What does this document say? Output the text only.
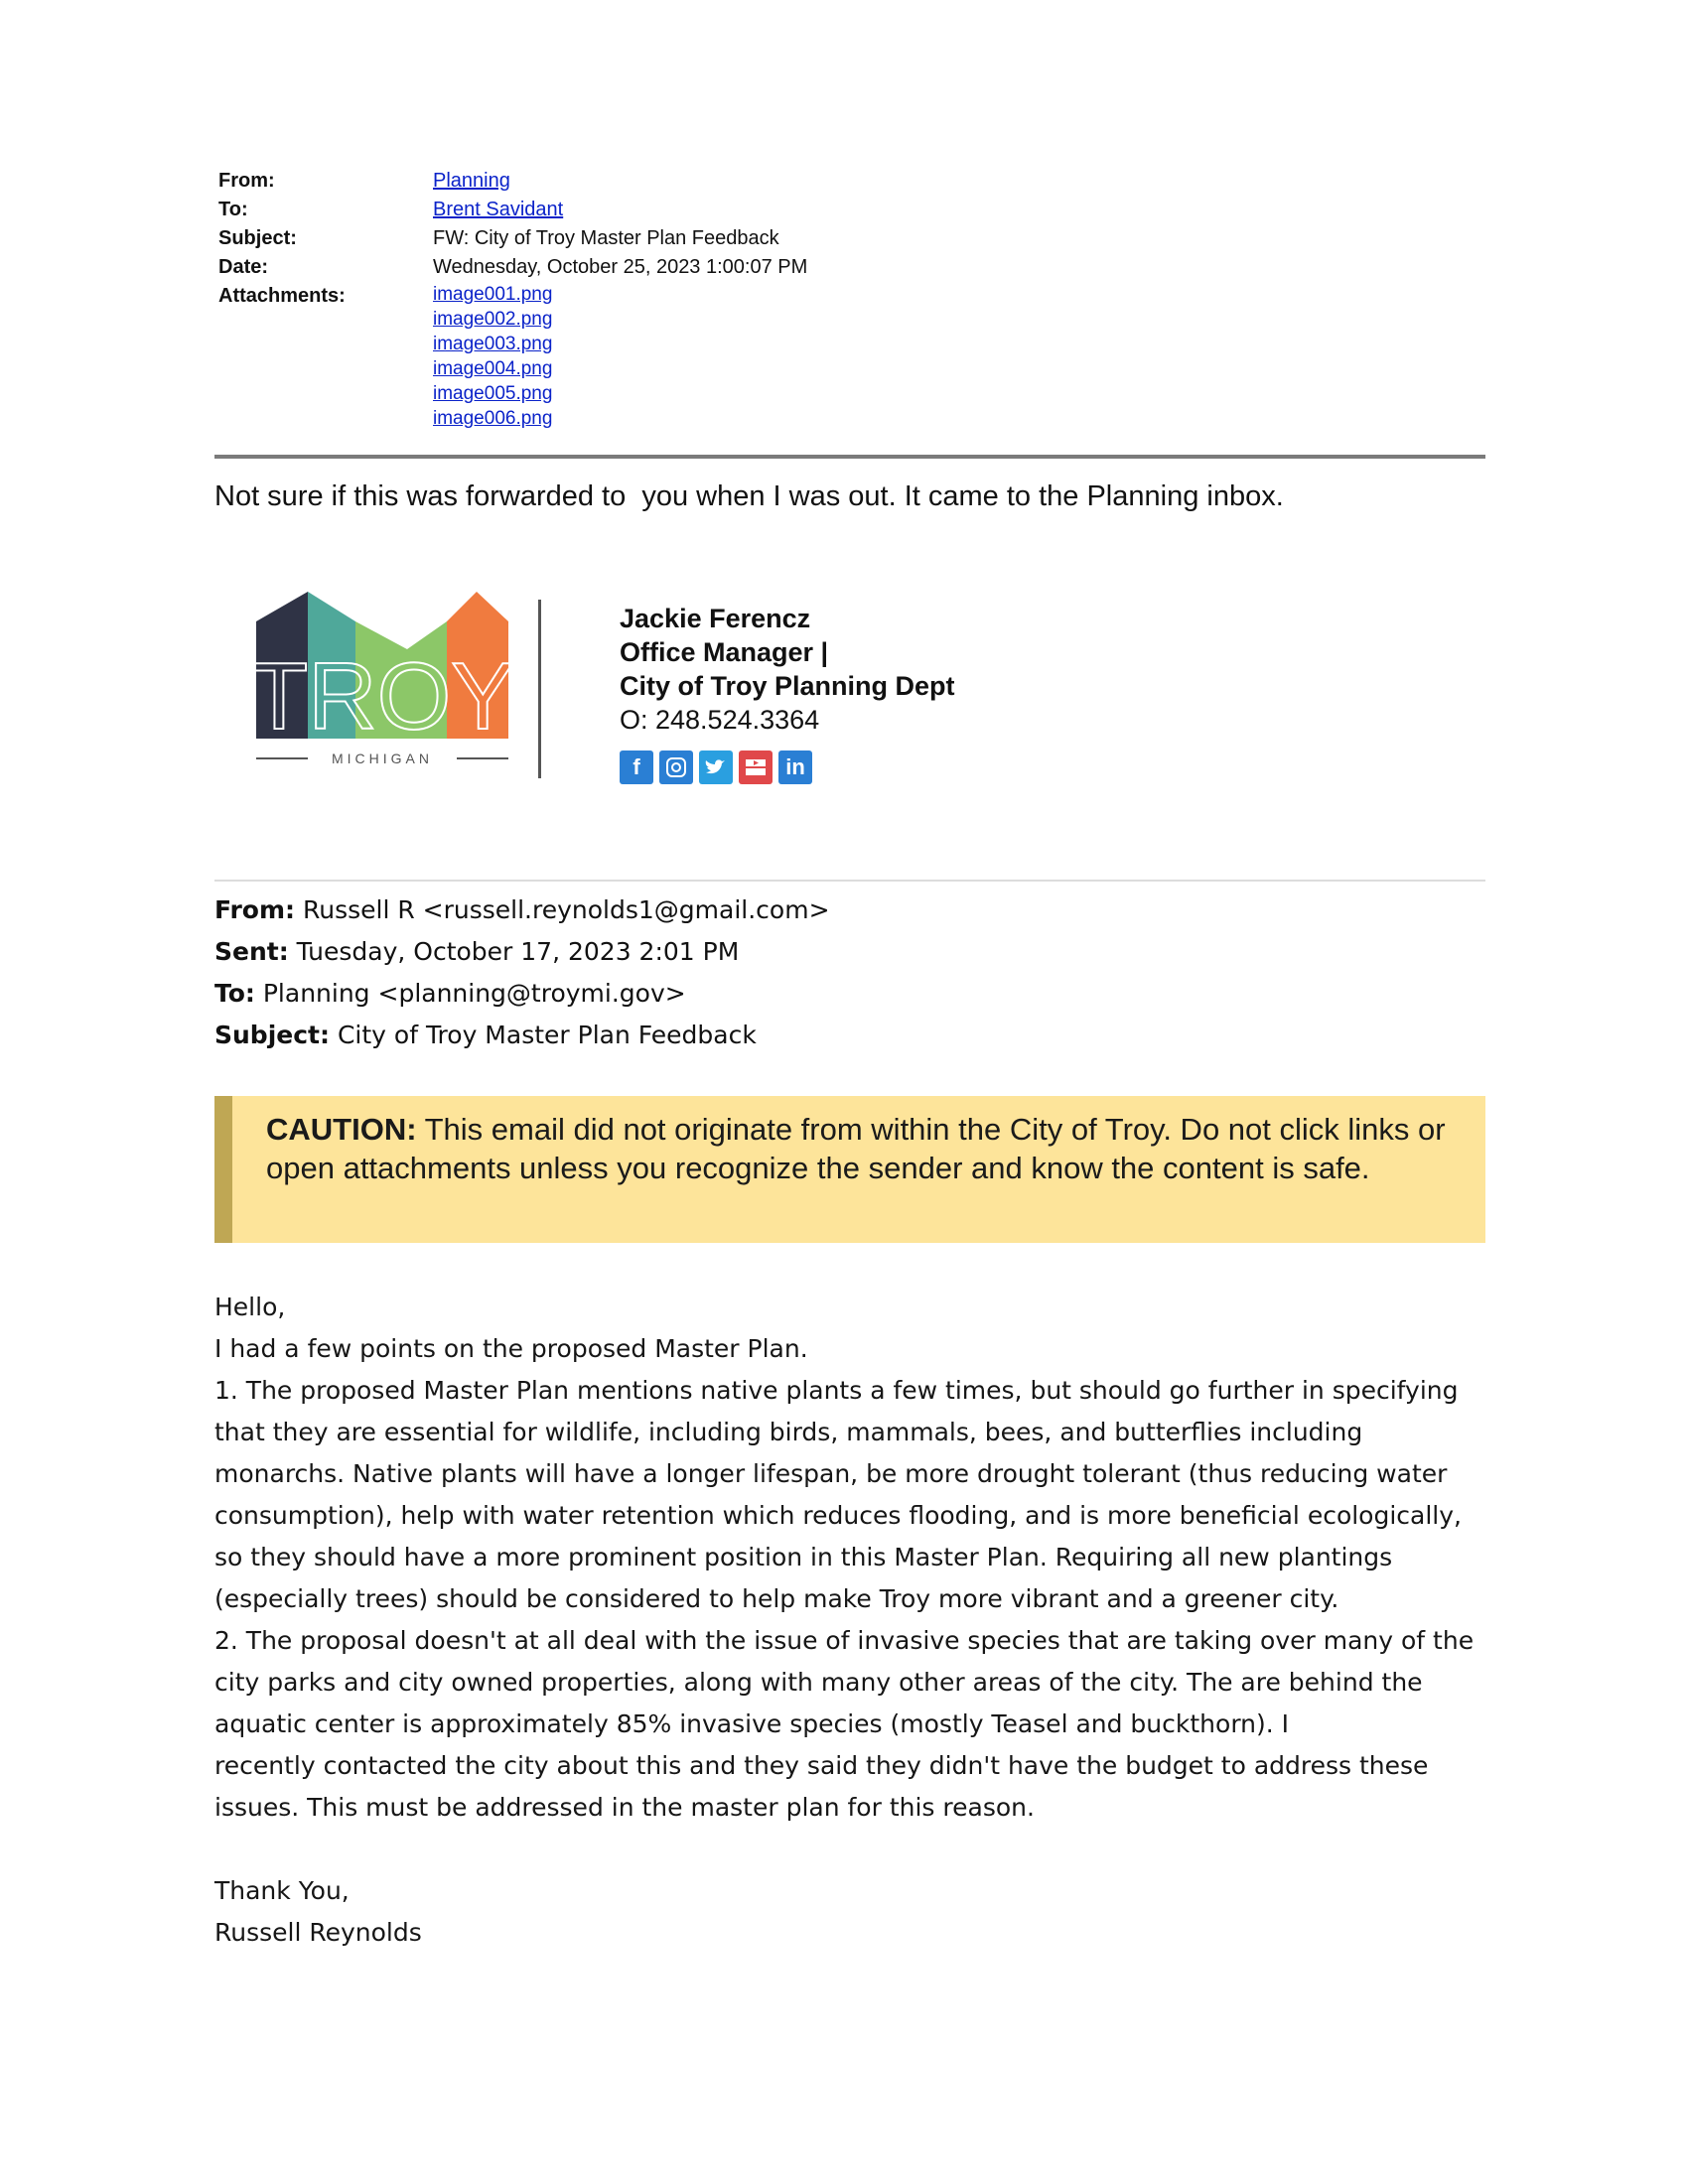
From:	Planning
To:	Brent Savidant
Subject:	FW: City of Troy Master Plan Feedback
Date:	Wednesday, October 25, 2023 1:00:07 PM
Attachments:	image001.png
image002.png
image003.png
image004.png
image005.png
image006.png
Not sure if this was forwarded to  you when I was out. It came to the Planning inbox.
TROY
MICHIGAN
Jackie Ferencz
Office Manager |
City of Troy Planning Dept
O: 248.524.3364
f	in
From: Russell R <russell.reynolds1@gmail.com>
Sent: Tuesday, October 17, 2023 2:01 PM
To: Planning <planning@troymi.gov>
Subject: City of Troy Master Plan Feedback
CAUTION: This email did not originate from within the City of Troy. Do not click links or open attachments unless you recognize the sender and know the content is safe.

Hello,

I had a few points on the proposed Master Plan.

1. The proposed Master Plan mentions native plants a few times, but should go further in specifying that they are essential for wildlife, including birds, mammals, bees, and butterflies including monarchs. Native plants will have a longer lifespan, be more drought tolerant (thus reducing water consumption), help with water retention which reduces flooding, and is more beneficial ecologically, so they should have a more prominent position in this Master Plan. Requiring all new plantings (especially trees) should be considered to help make Troy more vibrant and a greener city.

2. The proposal doesn't at all deal with the issue of invasive species that are taking over many of the city parks and city owned properties, along with many other areas of the city. The are behind the aquatic center is approximately 85% invasive species (mostly Teasel and buckthorn). I

recently contacted the city about this and they said they didn't have the budget to address these issues. This must be addressed in the master plan for this reason.

Thank You,

Russell Reynolds
